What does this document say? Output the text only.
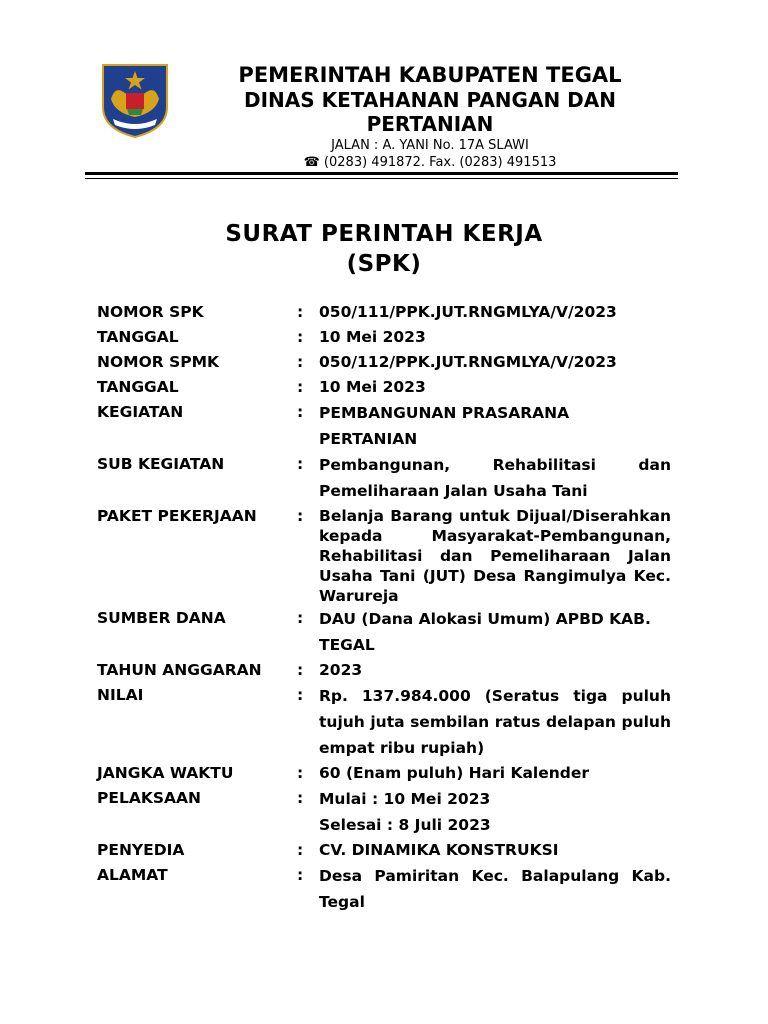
PEMERINTAH KABUPATEN TEGAL
DINAS KETAHANAN PANGAN DAN
PERTANIAN
JALAN : A. YANI No. 17A SLAWI
☎ (0283) 491872. Fax. (0283) 491513
SURAT PERINTAH KERJA
(SPK)
NOMOR SPK	:	050/111/PPK.JUT.RNGMLYA/V/2023
TANGGAL	:	10 Mei 2023
NOMOR SPMK	:	050/112/PPK.JUT.RNGMLYA/V/2023
TANGGAL	:	10 Mei 2023
KEGIATAN	:	PEMBANGUNAN PRASARANA PERTANIAN
SUB KEGIATAN	:	Pembangunan, Rehabilitasi dan Pemeliharaan Jalan Usaha Tani
PAKET PEKERJAAN	:	Belanja Barang untuk Dijual/Diserahkan kepada Masyarakat-Pembangunan, Rehabilitasi dan Pemeliharaan Jalan Usaha Tani (JUT) Desa Rangimulya Kec. Warureja
SUMBER DANA	:	DAU (Dana Alokasi Umum) APBD KAB. TEGAL
TAHUN ANGGARAN	:	2023
NILAI	:	Rp. 137.984.000 (Seratus tiga puluh tujuh juta sembilan ratus delapan puluh empat ribu rupiah)
JANGKA WAKTU	:	60 (Enam puluh) Hari Kalender
PELAKSAAN	:	Mulai : 10 Mei 2023
Selesai : 8 Juli 2023
PENYEDIA	:	CV. DINAMIKA KONSTRUKSI
ALAMAT	:	Desa Pamiritan Kec. Balapulang Kab. Tegal
